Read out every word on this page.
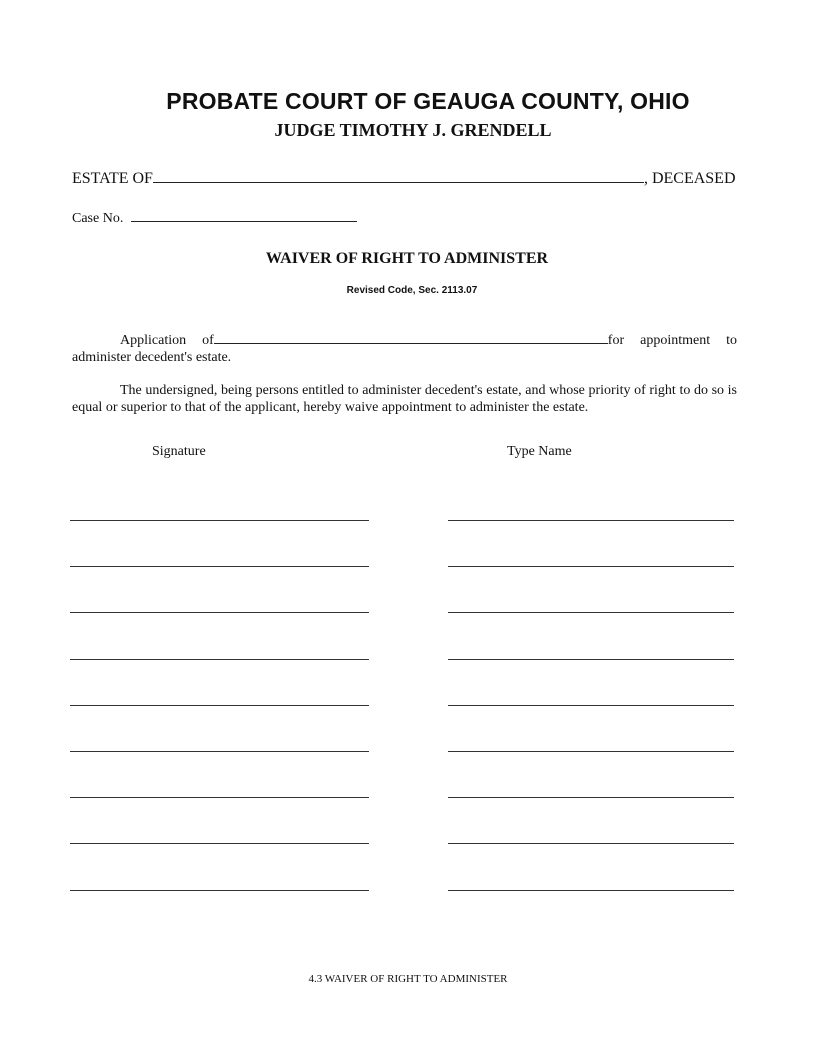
PROBATE COURT OF GEAUGA COUNTY, OHIO
JUDGE TIMOTHY J. GRENDELL
ESTATE OF	, DECEASED
Case No.
WAIVER OF RIGHT TO ADMINISTER
Revised Code, Sec. 2113.07
Application of	for appointment to administer decedent's estate.
The undersigned, being persons entitled to administer decedent's estate, and whose priority of right to do so is equal or superior to that of the applicant, hereby waive appointment to administer the estate.
Signature	Type Name
4.3 WAIVER OF RIGHT TO ADMINISTER
